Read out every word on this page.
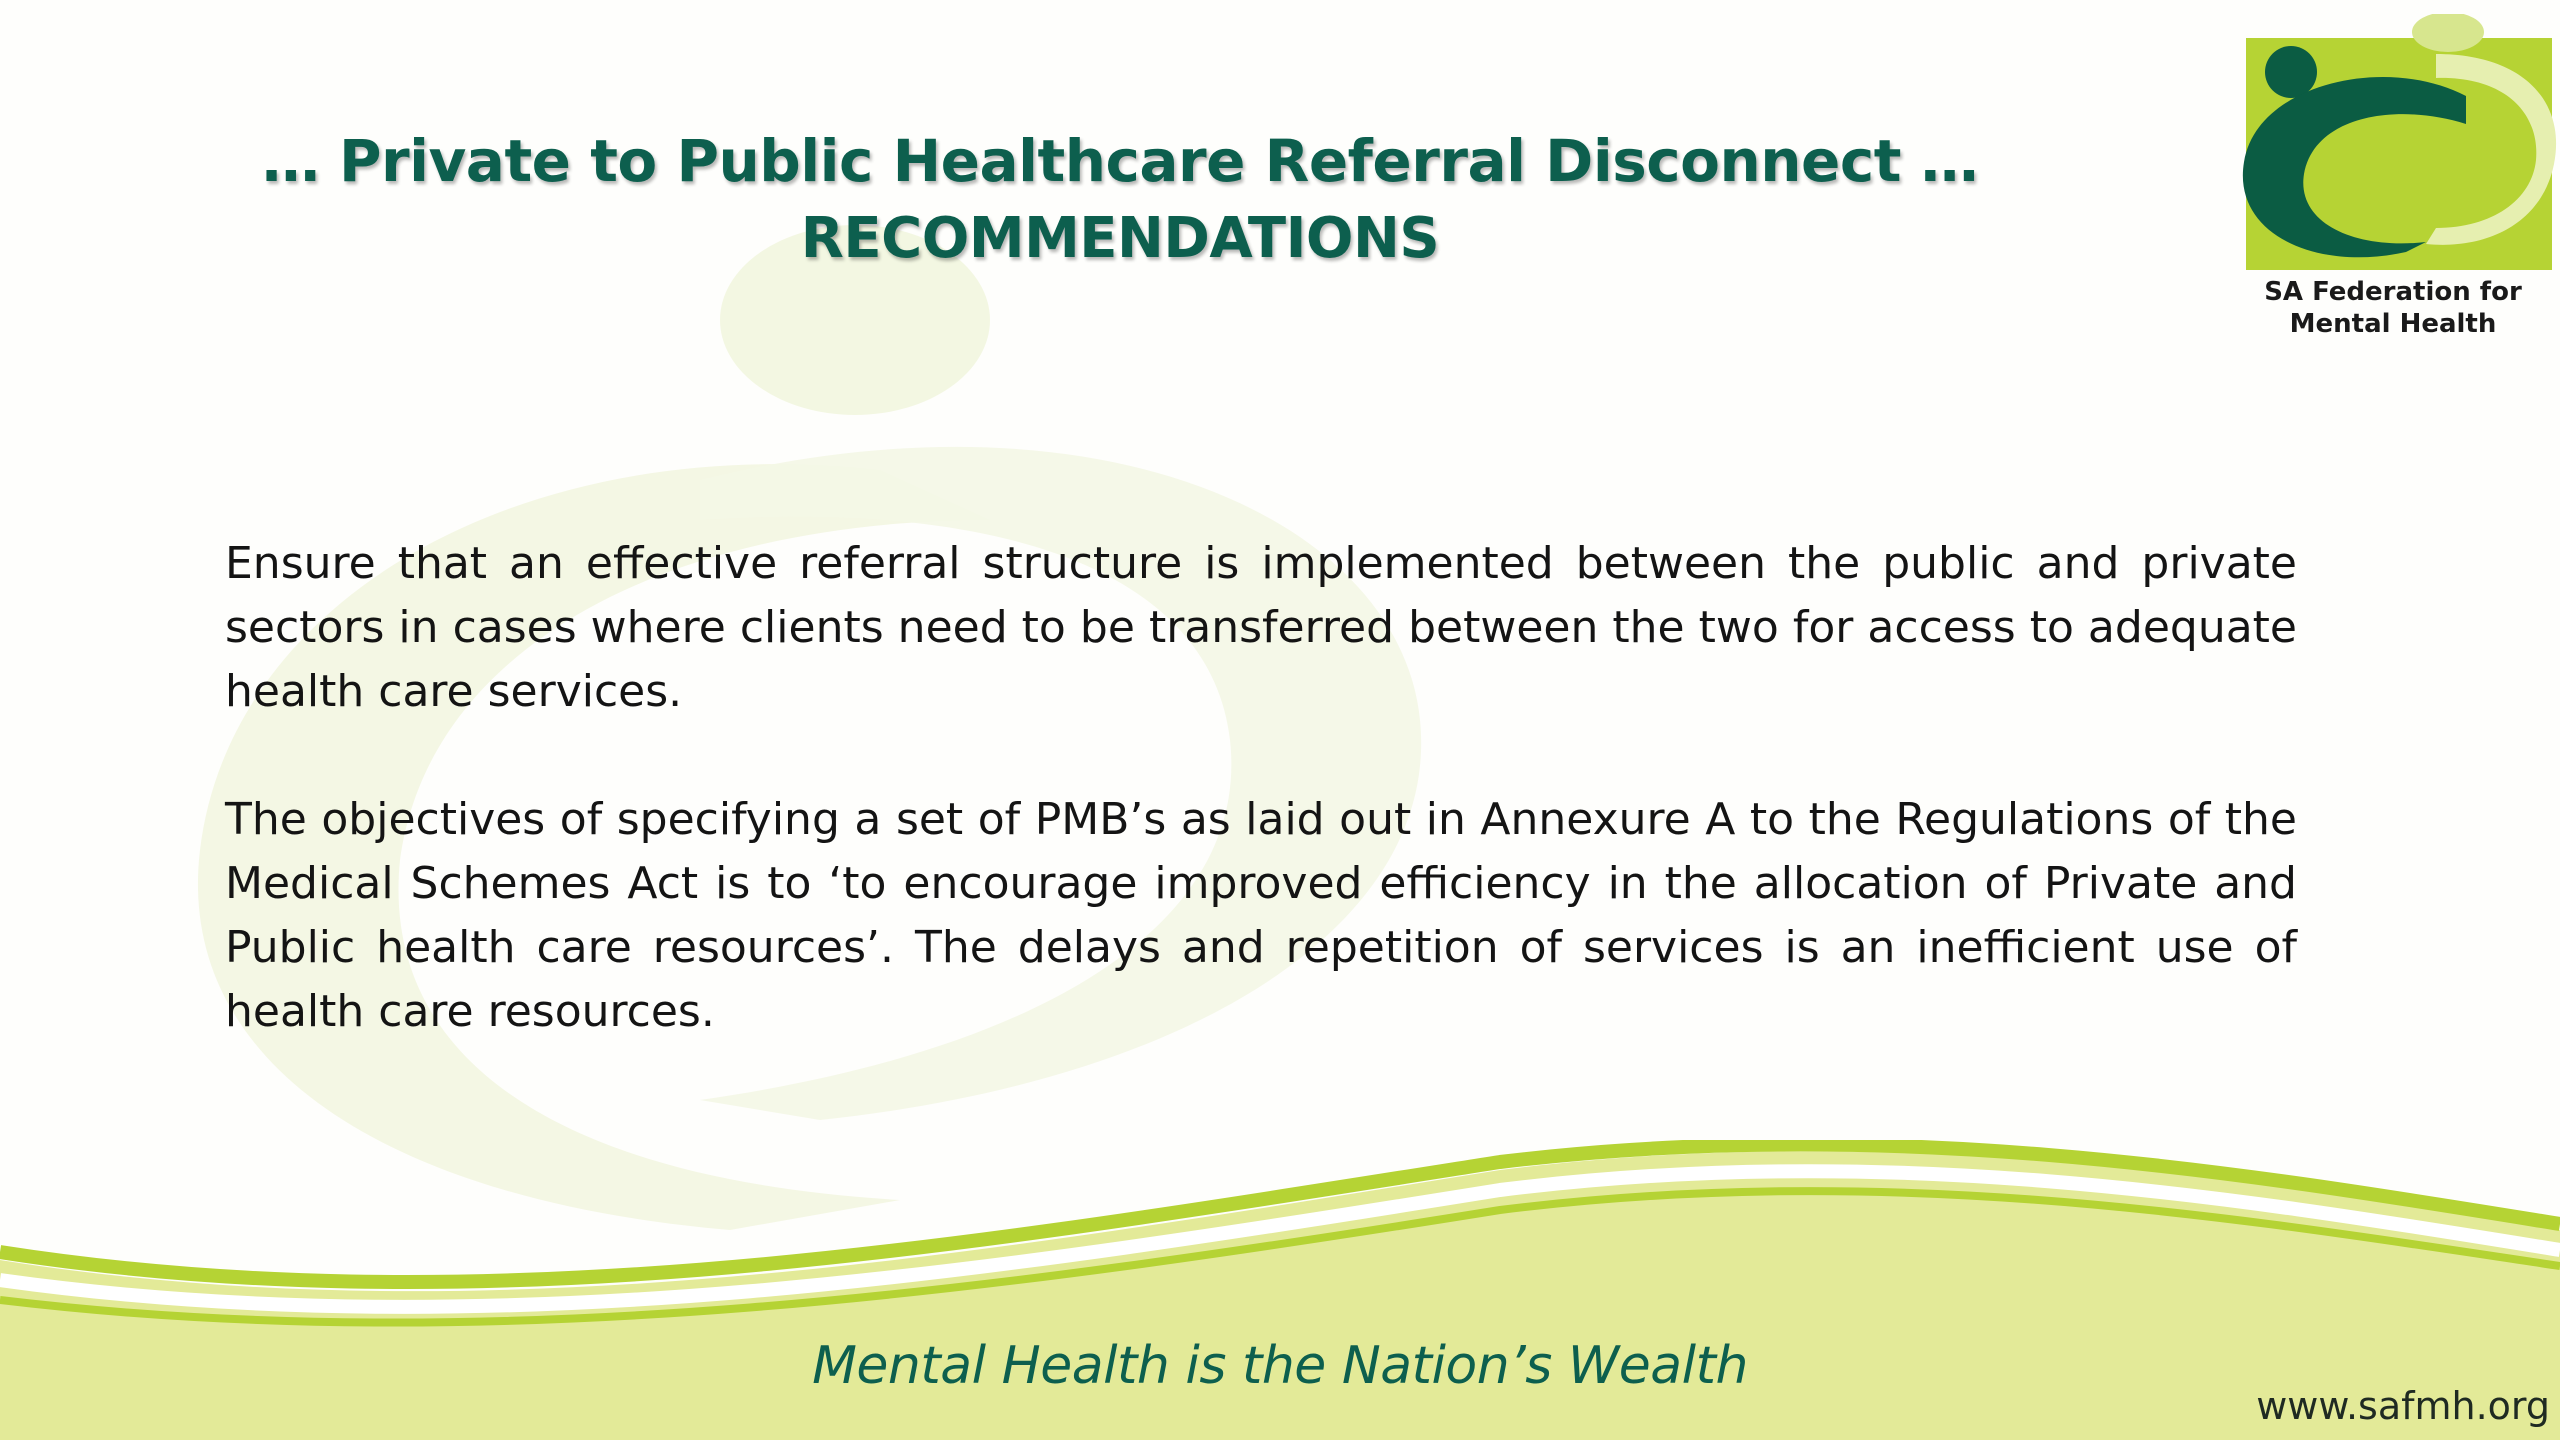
… Private to Public Healthcare Referral Disconnect …
RECOMMENDATIONS
SA Federation for
Mental Health

Ensure that an effective referral structure is implemented between the public and private sectors in cases where clients need to be transferred between the two for access to adequate health care services.

The objectives of specifying a set of PMB’s as laid out in Annexure A to the Regulations of the Medical Schemes Act is to ‘to encourage improved efficiency in the allocation of Private and Public health care resources’. The delays and repetition of services is an inefficient use of health care resources.

Mental Health is the Nation’s Wealth
www.safmh.org
